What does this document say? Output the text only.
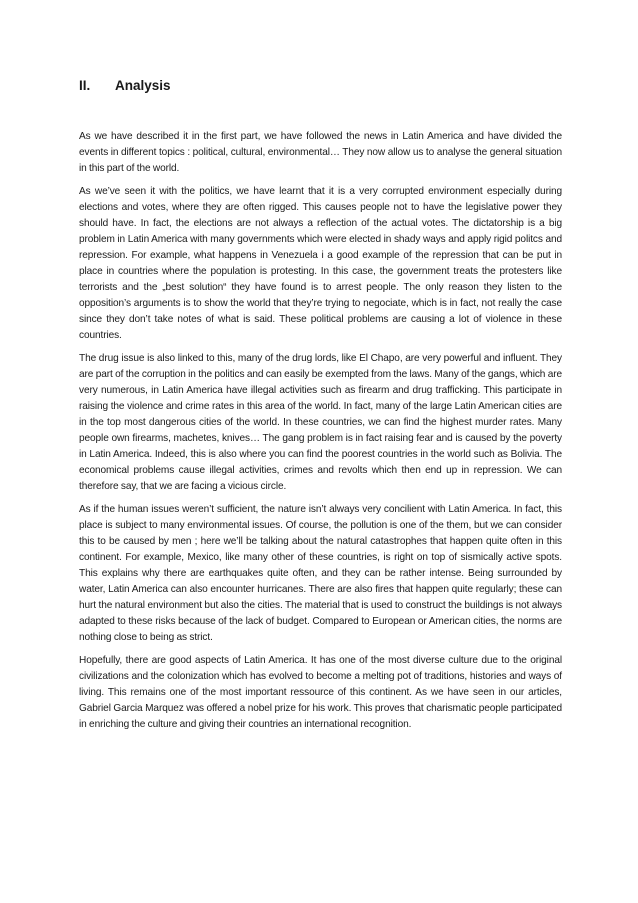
II.	Analysis

As we have described it in the first part, we have followed the news in Latin America and have divided the events in different topics : political, cultural, environmental… They now allow us to analyse the general situation in this part of the world.

As we’ve seen it with the politics, we have learnt that it is a very corrupted environment especially during elections and votes, where they are often rigged. This causes people not to have the legislative power they should have. In fact, the elections are not always a reflection of the actual votes. The dictatorship is a big problem in Latin America with many governments which were elected in shady ways and apply rigid politcs and repression. For example, what happens in Venezuela i a good example of the repression that can be put in place in countries where the population is protesting. In this case, the government treats the protesters like terrorists and the „best solution“ they have found is to arrest people. The only reason they listen to the opposition’s arguments is to show the world that they’re trying to negociate, which is in fact, not really the case since they don’t take notes of what is said. These political problems are causing a lot of violence in these countries.

The drug issue is also linked to this, many of the drug lords, like El Chapo, are very powerful and influent. They are part of the corruption in the politics and can easily be exempted from the laws. Many of the gangs, which are very numerous, in Latin America have illegal activities such as firearm and drug trafficking. This participate in raising the violence and crime rates in this area of the world. In fact, many of the large Latin American cities are in the top most dangerous cities of the world. In these countries, we can find the highest murder rates. Many people own firearms, machetes, knives… The gang problem is in fact raising fear and is caused by the poverty in Latin America. Indeed, this is also where you can find the poorest countries in the world such as Bolivia. The economical problems cause illegal activities, crimes and revolts which then end up in repression. We can therefore say, that we are facing a vicious circle.

As if the human issues weren’t sufficient, the nature isn’t always very concilient with Latin America. In fact, this place is subject to many environmental issues. Of course, the pollution is one of the them, but we can consider this to be caused by men ; here we’ll be talking about the natural catastrophes that happen quite often in this continent. For example, Mexico, like many other of these countries, is right on top of sismically active spots. This explains why there are earthquakes quite often, and they can be rather intense. Being surrounded by water, Latin America can also encounter hurricanes. There are also fires that happen quite regularly; these can hurt the natural environment but also the cities. The material that is used to construct the buildings is not always adapted to these risks because of the lack of budget. Compared to European or American cities, the norms are nothing close to being as strict.

Hopefully, there are good aspects of Latin America. It has one of the most diverse culture due to the original civilizations and the colonization which has evolved to become a melting pot of traditions, histories and ways of living. This remains one of the most important ressource of this continent. As we have seen in our articles, Gabriel Garcia Marquez was offered a nobel prize for his work. This proves that charismatic people participated in enriching the culture and giving their countries an international recognition.
